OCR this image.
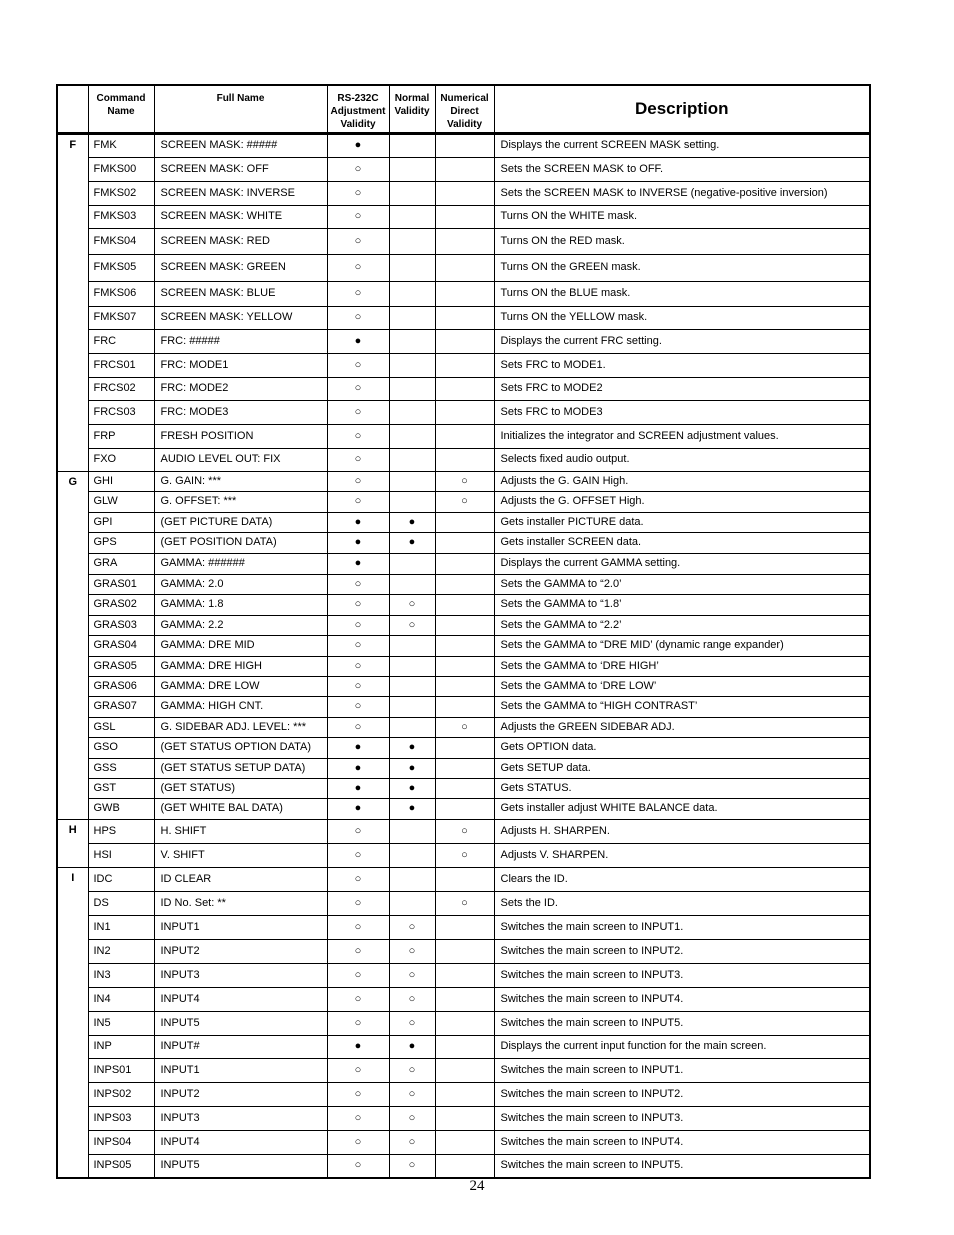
	Command Name	Full Name	RS-232C Adjustment Validity	Normal Validity	Numerical Direct Validity	Description
F	FMK	SCREEN MASK: #####	●			Displays the current SCREEN MASK setting.
	FMKS00	SCREEN MASK: OFF	○			Sets the SCREEN MASK to OFF.
	FMKS02	SCREEN MASK: INVERSE	○			Sets the SCREEN MASK to INVERSE (negative-positive inversion)
	FMKS03	SCREEN MASK: WHITE	○			Turns ON the WHITE mask.
	FMKS04	SCREEN MASK: RED	○			Turns ON the RED mask.
	FMKS05	SCREEN MASK: GREEN	○			Turns ON the GREEN mask.
	FMKS06	SCREEN MASK: BLUE	○			Turns ON the BLUE mask.
	FMKS07	SCREEN MASK: YELLOW	○			Turns ON the YELLOW mask.
	FRC	FRC: #####	●			Displays the current FRC setting.
	FRCS01	FRC: MODE1	○			Sets FRC to MODE1.
	FRCS02	FRC: MODE2	○			Sets FRC to MODE2
	FRCS03	FRC: MODE3	○			Sets FRC to MODE3
	FRP	FRESH POSITION	○			Initializes the integrator and SCREEN adjustment values.
	FXO	AUDIO LEVEL OUT: FIX	○			Selects fixed audio output.
G	GHI	G. GAIN: ***	○		○	Adjusts the G. GAIN High.
	GLW	G. OFFSET: ***	○		○	Adjusts the G. OFFSET High.
	GPI	(GET PICTURE DATA)	●	●		Gets installer PICTURE data.
	GPS	(GET POSITION DATA)	●	●		Gets installer SCREEN data.
	GRA	GAMMA: ######	●			Displays the current GAMMA setting.
	GRAS01	GAMMA: 2.0	○			Sets the GAMMA to “2.0’
	GRAS02	GAMMA: 1.8	○	○		Sets the GAMMA to “1.8’
	GRAS03	GAMMA: 2.2	○	○		Sets the GAMMA to “2.2’
	GRAS04	GAMMA: DRE MID	○			Sets the GAMMA to “DRE MID’ (dynamic range expander)
	GRAS05	GAMMA: DRE HIGH	○			Sets the GAMMA to ‘DRE HIGH’
	GRAS06	GAMMA: DRE LOW	○			Sets the GAMMA to ‘DRE LOW’
	GRAS07	GAMMA: HIGH CNT.	○			Sets the GAMMA to “HIGH CONTRAST’
	GSL	G. SIDEBAR ADJ. LEVEL: ***	○		○	Adjusts the GREEN SIDEBAR ADJ.
	GSO	(GET STATUS OPTION DATA)	●	●		Gets OPTION data.
	GSS	(GET STATUS SETUP DATA)	●	●		Gets SETUP data.
	GST	(GET STATUS)	●	●		Gets STATUS.
	GWB	(GET WHITE BAL DATA)	●	●		Gets installer adjust WHITE BALANCE data.
H	HPS	H. SHIFT	○		○	Adjusts H. SHARPEN.
	HSI	V. SHIFT	○		○	Adjusts V. SHARPEN.
I	IDC	ID CLEAR	○			Clears the ID.
	DS	ID No. Set: **	○		○	Sets the ID.
	IN1	INPUT1	○	○		Switches the main screen to INPUT1.
	IN2	INPUT2	○	○		Switches the main screen to INPUT2.
	IN3	INPUT3	○	○		Switches the main screen to INPUT3.
	IN4	INPUT4	○	○		Switches the main screen to INPUT4.
	IN5	INPUT5	○	○		Switches the main screen to INPUT5.
	INP	INPUT#	●	●		Displays the current input function for the main screen.
	INPS01	INPUT1	○	○		Switches the main screen to INPUT1.
	INPS02	INPUT2	○	○		Switches the main screen to INPUT2.
	INPS03	INPUT3	○	○		Switches the main screen to INPUT3.
	INPS04	INPUT4	○	○		Switches the main screen to INPUT4.
	INPS05	INPUT5	○	○		Switches the main screen to INPUT5.
24
